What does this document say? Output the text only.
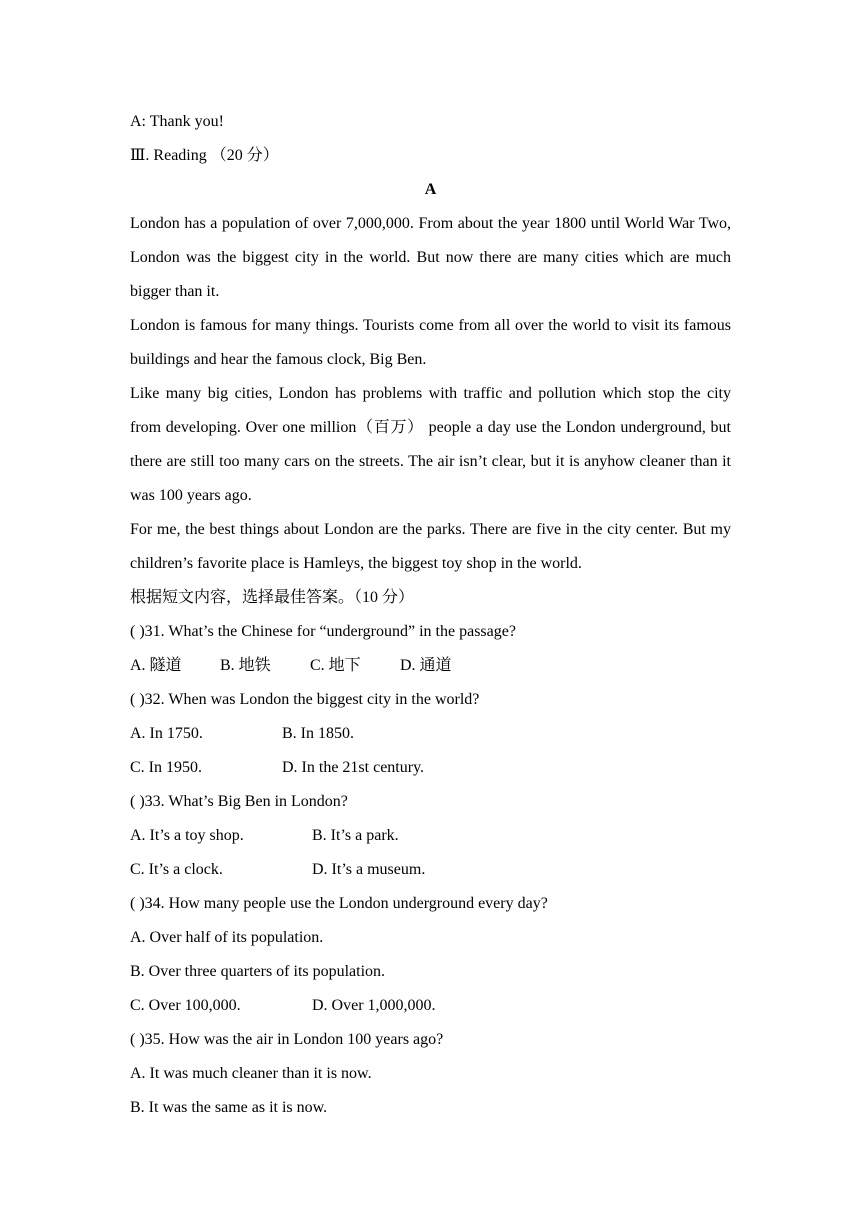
A: Thank you!
Ⅲ. Reading （20 分）
A
London has a population of over 7,000,000. From about the year 1800 until World War Two, London was the biggest city in the world. But now there are many cities which are much bigger than it.
London is famous for many things. Tourists come from all over the world to visit its famous buildings and hear the famous clock, Big Ben.
Like many big cities, London has problems with traffic and pollution which stop the city from developing. Over one million（百万） people a day use the London underground, but there are still too many cars on the streets. The air isn’t clear, but it is anyhow cleaner than it was 100 years ago.
For me, the best things about London are the parks. There are five in the city center. But my children’s favorite place is Hamleys, the biggest toy shop in the world.
根据短文内容，选择最佳答案。（10 分）
( )31. What’s the Chinese for “underground” in the passage?
A. 隧道	B. 地铁	C. 地下	D. 通道
( )32. When was London the biggest city in the world?
A. In 1750.	B. In 1850.
C. In 1950.	D. In the 21st century.
( )33. What’s Big Ben in London?
A. It’s a toy shop.	B. It’s a park.
C. It’s a clock.	D. It’s a museum.
( )34. How many people use the London underground every day?
A. Over half of its population.
B. Over three quarters of its population.
C. Over 100,000.	D. Over 1,000,000.
( )35. How was the air in London 100 years ago?
A. It was much cleaner than it is now.
B. It was the same as it is now.
